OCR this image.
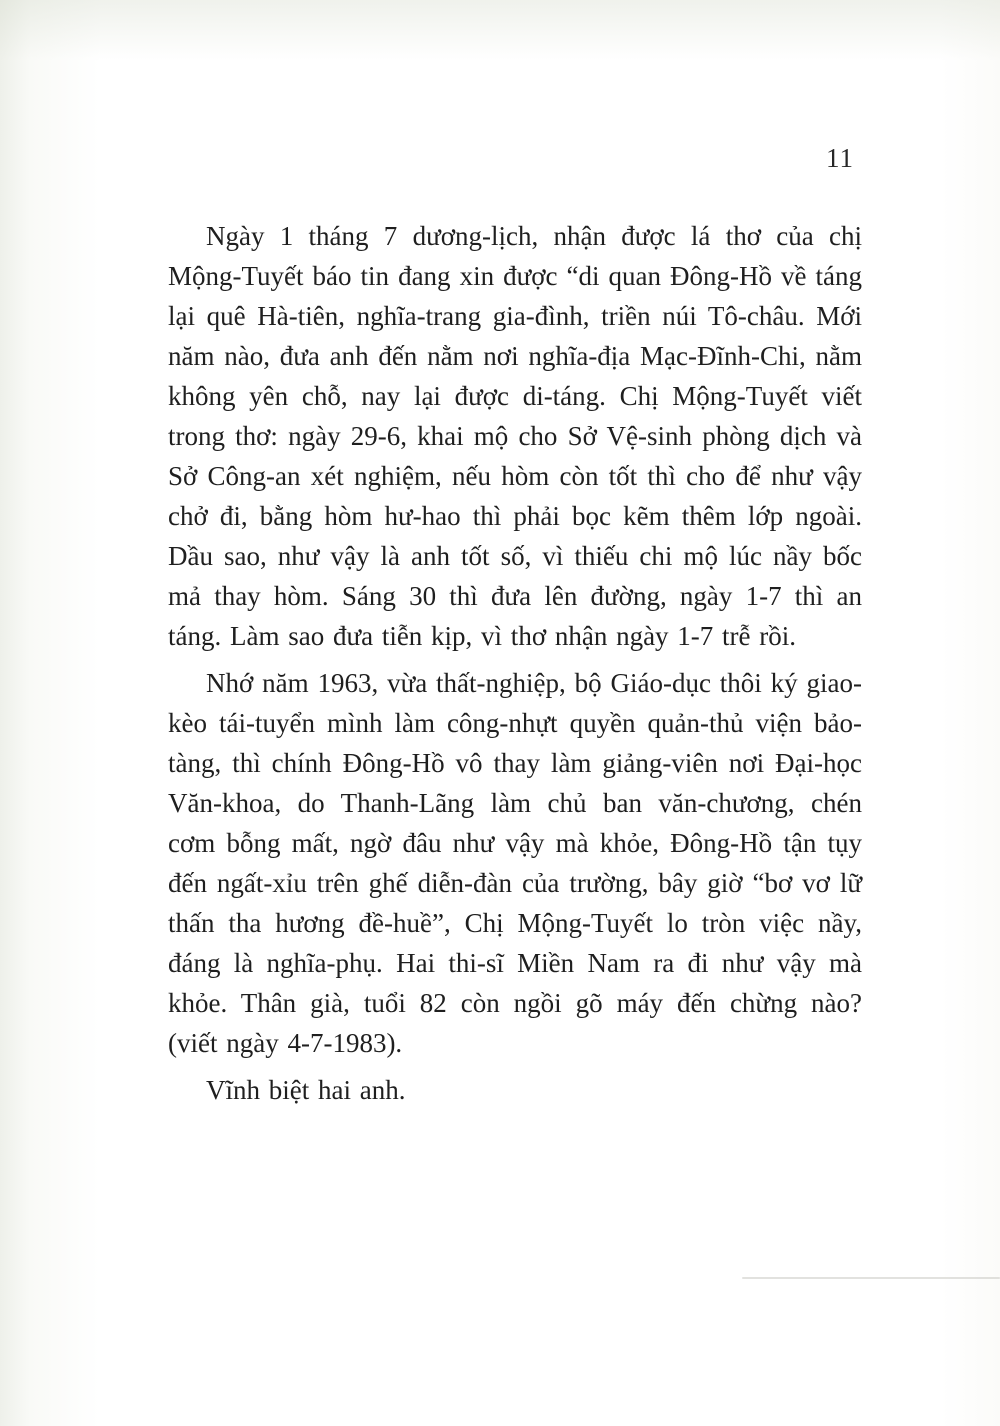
11

Ngày 1 tháng 7 dương-lịch, nhận được lá thơ của chị Mộng-Tuyết báo tin đang xin được “di quan Đông-Hồ về táng lại quê Hà-tiên, nghĩa-trang gia-đình, triền núi Tô-châu. Mới năm nào, đưa anh đến nằm nơi nghĩa-địa Mạc-Đĩnh-Chi, nằm không yên chỗ, nay lại được di-táng. Chị Mộng-Tuyết viết trong thơ: ngày 29-6, khai mộ cho Sở Vệ-sinh phòng dịch và Sở Công-an xét nghiệm, nếu hòm còn tốt thì cho để như vậy chở đi, bằng hòm hư-hao thì phải bọc kẽm thêm lớp ngoài. Dầu sao, như vậy là anh tốt số, vì thiếu chi mộ lúc nầy bốc mả thay hòm. Sáng 30 thì đưa lên đường, ngày 1-7 thì an táng. Làm sao đưa tiễn kịp, vì thơ nhận ngày 1-7 trễ rồi.

Nhớ năm 1963, vừa thất-nghiệp, bộ Giáo-dục thôi ký giao-kèo tái-tuyển mình làm công-nhựt quyền quản-thủ viện bảo-tàng, thì chính Đông-Hồ vô thay làm giảng-viên nơi Đại-học Văn-khoa, do Thanh-Lãng làm chủ ban văn-chương, chén cơm bỗng mất, ngờ đâu như vậy mà khỏe, Đông-Hồ tận tụy đến ngất-xỉu trên ghế diễn-đàn của trường, bây giờ “bơ vơ lữ thấn tha hương đề-huề”, Chị Mộng-Tuyết lo tròn việc nầy, đáng là nghĩa-phụ. Hai thi-sĩ Miền Nam ra đi như vậy mà khỏe. Thân già, tuổi 82 còn ngồi gõ máy đến chừng nào? (viết ngày 4-7-1983).

Vĩnh biệt hai anh.
